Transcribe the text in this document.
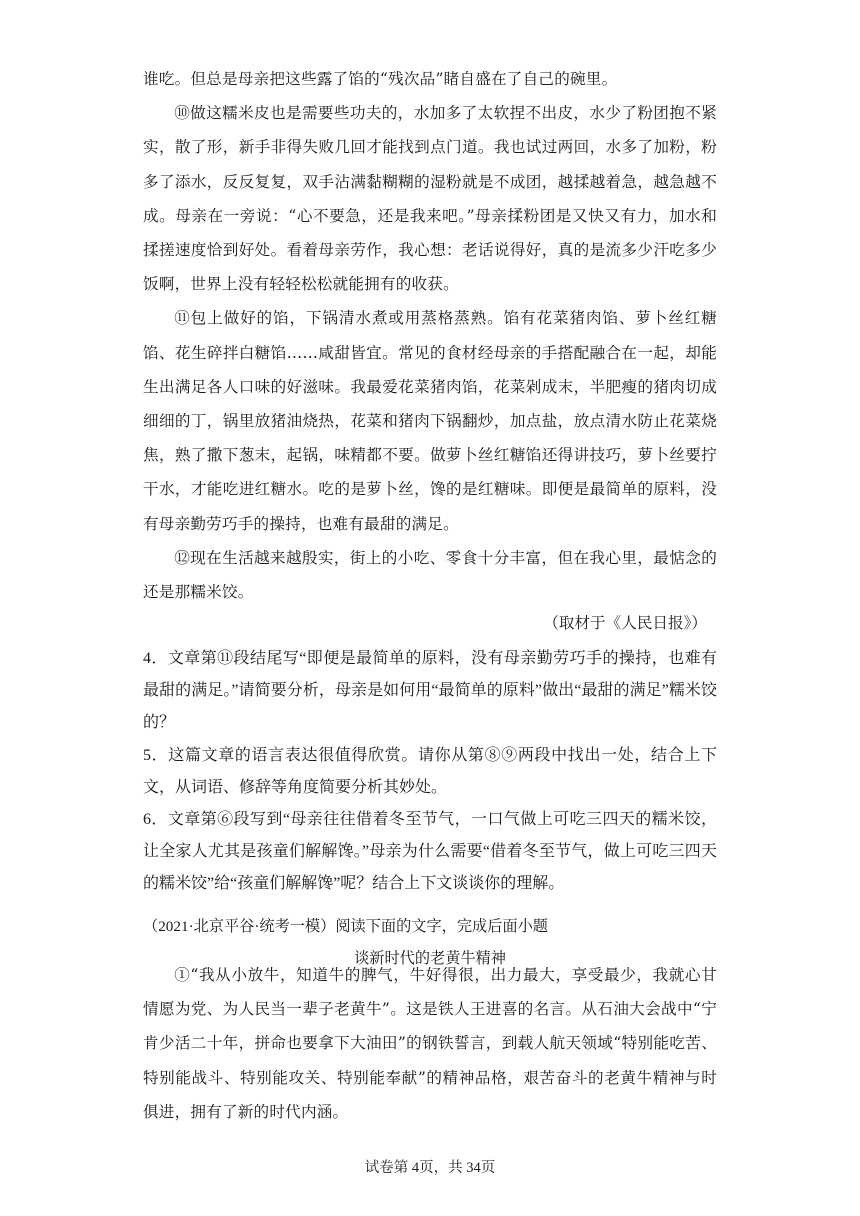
谁吃。但总是母亲把这些露了馅的“残次品”睹自盛在了自己的碗里。

⑩做这糯米皮也是需要些功夫的，水加多了太软捏不出皮，水少了粉团抱不紧实，散了形，新手非得失败几回才能找到点门道。我也试过两回，水多了加粉，粉多了添水，反反复复，双手沾满黏糊糊的湿粉就是不成团，越揉越着急，越急越不成。母亲在一旁说：“心不要急，还是我来吧。”母亲揉粉团是又快又有力，加水和揉搓速度恰到好处。看着母亲劳作，我心想：老话说得好，真的是流多少汗吃多少饭啊，世界上没有轻轻松松就能拥有的收获。

⑪包上做好的馅，下锅清水煮或用蒸格蒸熟。馅有花菜猪肉馅、萝卜丝红糖馅、花生碎拌白糖馅……咸甜皆宜。常见的食材经母亲的手搭配融合在一起，却能生出满足各人口味的好滋味。我最爱花菜猪肉馅，花菜剁成末，半肥瘦的猪肉切成细细的丁，锅里放猪油烧热，花菜和猪肉下锅翻炒，加点盐，放点清水防止花菜烧焦，熟了撒下葱末，起锅，味精都不要。做萝卜丝红糖馅还得讲技巧，萝卜丝要拧干水，才能吃进红糖水。吃的是萝卜丝，馋的是红糖味。即便是最简单的原料，没有母亲勤劳巧手的操持，也难有最甜的满足。

⑫现在生活越来越殷实，街上的小吃、零食十分丰富，但在我心里，最惦念的还是那糯米饺。

（取材于《人民日报》）

4．文章第⑪段结尾写“即便是最简单的原料，没有母亲勤劳巧手的操持，也难有最甜的满足。”请简要分析，母亲是如何用“最简单的原料”做出“最甜的满足”糯米饺的？

5．这篇文章的语言表达很值得欣赏。请你从第⑧⑨两段中找出一处，结合上下文，从词语、修辞等角度简要分析其妙处。

6．文章第⑥段写到“母亲往往借着冬至节气，一口气做上可吃三四天的糯米饺，让全家人尤其是孩童们解解馋。”母亲为什么需要“借着冬至节气，做上可吃三四天的糯米饺”给“孩童们解解馋”呢？结合上下文谈谈你的理解。

（2021·北京平谷·统考一模）阅读下面的文字，完成后面小题
谈新时代的老黄牛精神

①“我从小放牛，知道牛的脾气，牛好得很，出力最大，享受最少，我就心甘情愿为党、为人民当一辈子老黄牛”。这是铁人王进喜的名言。从石油大会战中“宁肯少活二十年，拼命也要拿下大油田”的钢铁誓言，到载人航天领域“特别能吃苦、特别能战斗、特别能攻关、特别能奉献”的精神品格，艰苦奋斗的老黄牛精神与时俱进，拥有了新的时代内涵。

试卷第 4页，共 34页
